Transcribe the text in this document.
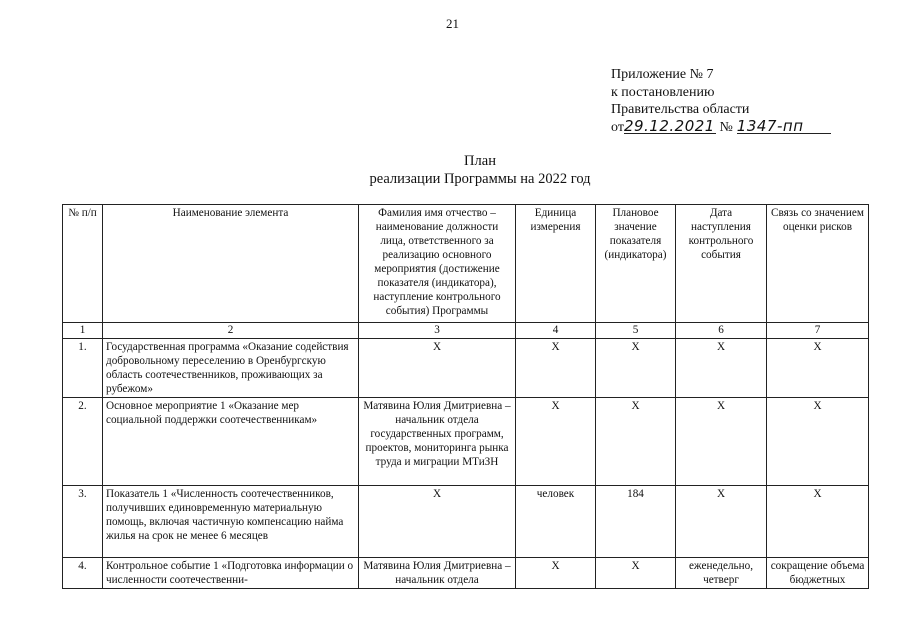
21
Приложение № 7
к постановлению
Правительства области
от29.12.2021 № 1347-пп
План
реализации Программы на 2022 год
№ п/п	Наименование элемента	Фамилия имя отчество – наименование должности лица, ответственного за реализацию основного мероприятия (достижение показателя (индикатора), наступление контрольного события) Программы	Единица измерения	Плановое значение показателя (индикатора)	Дата наступления контрольного события	Связь со значением оценки рисков
1	2	3	4	5	6	7
1.	Государственная программа «Оказание содействия добровольному переселению в Оренбургскую область соотечественников, проживающих за рубежом»	Х	Х	Х	Х	Х
2.	Основное мероприятие 1 «Оказание мер социальной поддержки соотечественникам»	Матявина Юлия Дмитриевна – начальник отдела государственных программ, проектов, мониторинга рынка труда и миграции МТиЗН	Х	Х	Х	Х
3.	Показатель 1 «Численность соотечественников, получивших единовременную материальную помощь, включая частичную компенсацию найма жилья на срок не менее 6 месяцев	Х	человек	184	Х	Х
4.	Контрольное событие 1 «Подготовка информации о численности соотечественни-	Матявина Юлия Дмитриевна – начальник отдела	Х	Х	еженедельно, четверг	сокращение объема бюджетных
